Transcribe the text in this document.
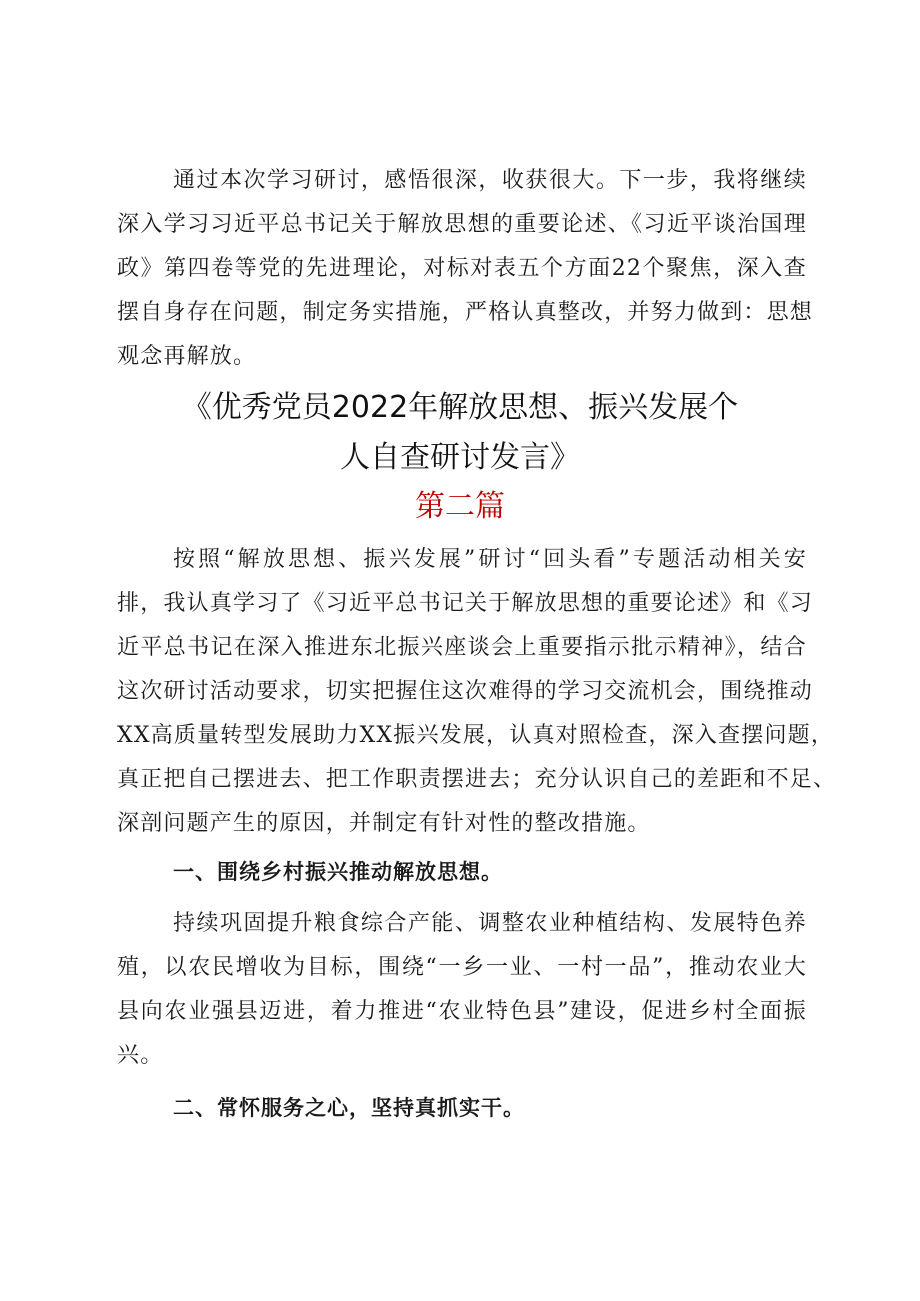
通过本次学习研讨，感悟很深，收获很大。下一步，我将继续
深入学习习近平总书记关于解放思想的重要论述、《习近平谈治国理
政》第四卷等党的先进理论，对标对表五个方面22个聚焦，深入查
摆自身存在问题，制定务实措施，严格认真整改，并努力做到：思想
观念再解放。
《优秀党员2022年解放思想、振兴发展个
人自查研讨发言》
第二篇
按照“解放思想、振兴发展”研讨“回头看”专题活动相关安
排，我认真学习了《习近平总书记关于解放思想的重要论述》和《习
近平总书记在深入推进东北振兴座谈会上重要指示批示精神》，结合
这次研讨活动要求，切实把握住这次难得的学习交流机会，围绕推动
XX高质量转型发展助力XX振兴发展，认真对照检查，深入查摆问题，
真正把自己摆进去、把工作职责摆进去；充分认识自己的差距和不足、
深剖问题产生的原因，并制定有针对性的整改措施。
一、围绕乡村振兴推动解放思想。
持续巩固提升粮食综合产能、调整农业种植结构、发展特色养
殖，以农民增收为目标，围绕“一乡一业、一村一品”，推动农业大
县向农业强县迈进，着力推进“农业特色县”建设，促进乡村全面振
兴。
二、常怀服务之心，坚持真抓实干。
